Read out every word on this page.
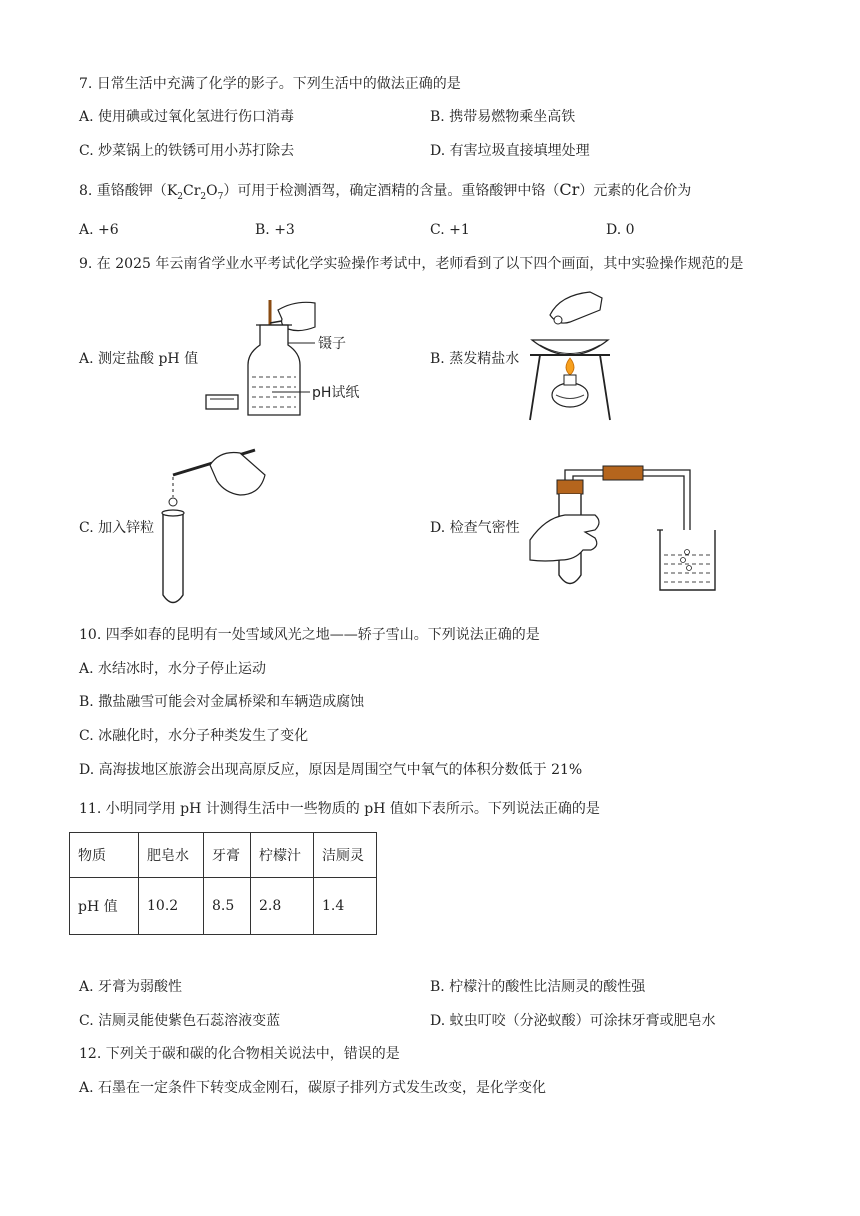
7. 日常生活中充满了化学的影子。下列生活中的做法正确的是
A. 使用碘或过氧化氢进行伤口消毒	B. 携带易燃物乘坐高铁
C. 炒菜锅上的铁锈可用小苏打除去	D. 有害垃圾直接填埋处理
8. 重铬酸钾$(K_2Cr_2O_7)$可用于检测酒驾，确定酒精的含量。重铬酸钾中铬（Cr）元素的化合价为
A. +6	B. +3	C. +1	D. 0
9. 在 2025 年云南省学业水平考试化学实验操作考试中，老师看到了以下四个画面，其中实验操作规范的是
A. 测定盐酸 pH 值	B. 蒸发精盐水
C. 加入锌粒	D. 检查气密性
镊子
pH试纸
10. 四季如春的昆明有一处雪域风光之地——轿子雪山。下列说法正确的是
A. 水结冰时，水分子停止运动
B. 撒盐融雪可能会对金属桥梁和车辆造成腐蚀
C. 冰融化时，水分子种类发生了变化
D. 高海拔地区旅游会出现高原反应，原因是周围空气中氧气的体积分数低于 21%
11. 小明同学用 pH 计测得生活中一些物质的 pH 值如下表所示。下列说法正确的是
物质	肥皂水	牙膏	柠檬汁	洁厕灵
pH 值	10.2	8.5	2.8	1.4
A. 牙膏为弱酸性	B. 柠檬汁的酸性比洁厕灵的酸性强
C. 洁厕灵能使紫色石蕊溶液变蓝	D. 蚊虫叮咬（分泌蚁酸）可涂抹牙膏或肥皂水
12. 下列关于碳和碳的化合物相关说法中，错误的是
A. 石墨在一定条件下转变成金刚石，碳原子排列方式发生改变，是化学变化
